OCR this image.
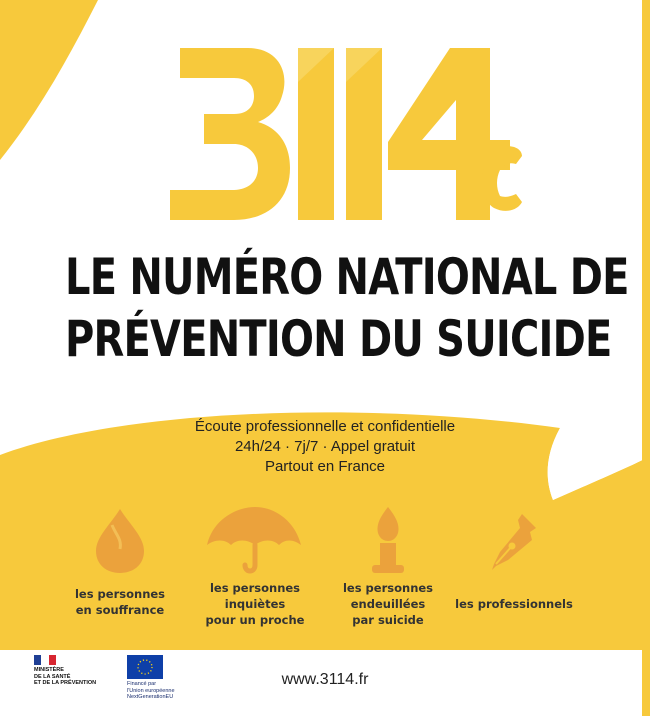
LE NUMÉRO NATIONAL DE
PRÉVENTION DU SUICIDE
Écoute professionnelle et confidentielle
24h/24 · 7j/7 · Appel gratuit
Partout en France
les personnes
en souffrance
les personnes
inquiètes
pour un proche
les personnes
endeuillées
par suicide
les professionnels
MINISTÈRE
DE LA SANTÉ
ET DE LA PRÉVENTION	Financé par
l'Union européenne
NextGenerationEU
www.3114.fr
